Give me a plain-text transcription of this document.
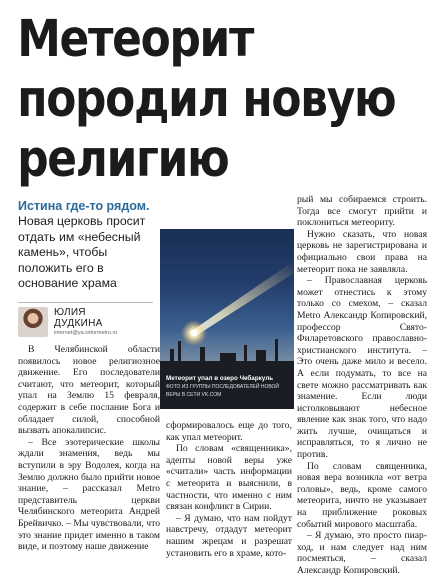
Метеорит
породил новую
религию
Истина где-то рядом.
Новая церковь просит отдать им «небесный камень», чтобы положить его в основание храма
ЮЛИЯ
ДУДКИНА
internet@ya.ivitormetro.ru

В Челябинской области появилось новое религиозное движение. Его последователи считают, что метеорит, который упал на Землю 15 февраля, содержит в себе послание Бога и обладает силой, способной вызвать апокалипсис.

– Все эзотерические школы ждали знамения, ведь мы вступили в эру Водолея, когда на Землю должно было прийти новое знание, – рассказал Metro представитель церкви Челябинского метеорита Андрей Брейвичко. – Мы чувствовали, что это знание придет именно в таком виде, и поэтому наше движение

Метеорит упал в озеро Чебаркуль
ФОТО ИЗ ГРУППЫ ПОСЛЕДОВАТЕЛЕЙ НОВОЙ ВЕРЫ В СЕТИ VK.COM

сформировалось еще до того, как упал метеорит.

По словам «священника», адепты новой веры уже «считали» часть информации с метеорита и выяснили, в частности, что именно с ним связан конфликт в Сирии.

– Я думаю, что нам пойдут навстречу, отдадут метеорит нашим жрецам и разрешат установить его в храме, кото-

рый мы собираемся строить. Тогда все смогут прийти и поклониться метеориту.

Нужно сказать, что новая церковь не зарегистрирована и официально свои права на метеорит пока не заявляла.

– Православная церковь может отнестись к этому только со смехом, – сказал Metro Александр Копировский, профессор Свято-Филаретовского православно-христианского института. – Это очень даже мило и весело. А если подумать, то все на свете можно рассматривать как знамение. Если люди истолковывают небесное явление как знак того, что надо жить лучше, очищаться и исправляться, то я лично не против.

По словам священника, новая вера возникла «от ветра головы», ведь, кроме самого метеорита, ничто не указывает на приближение роковых событий мирового масштаба.

– Я думаю, это просто пиар-ход, и нам следует над ним посмеяться, – сказал Александр Копировский.
